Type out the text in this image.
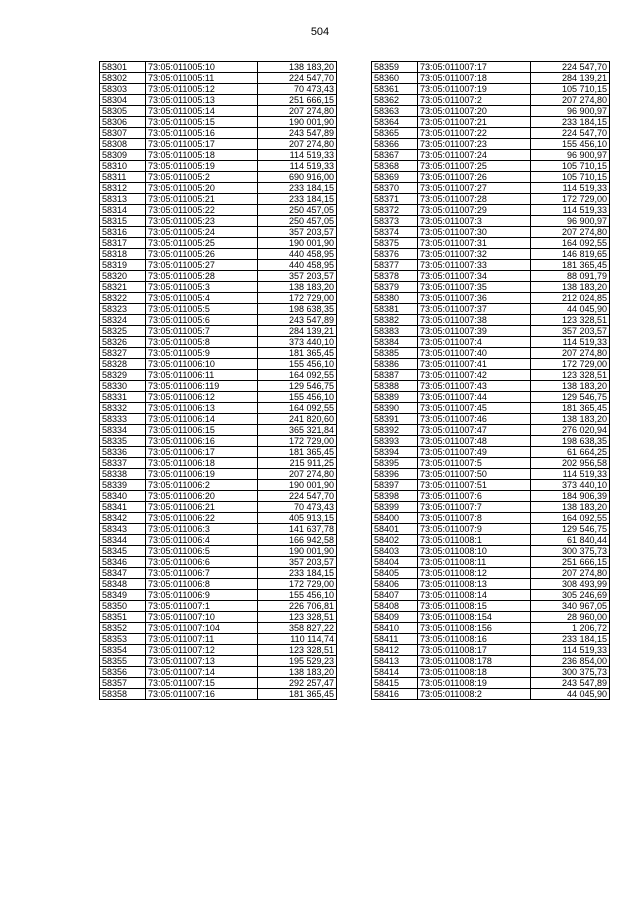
504
58301	73:05:011005:10	138 183,20
58302	73:05:011005:11	224 547,70
58303	73:05:011005:12	70 473,43
58304	73:05:011005:13	251 666,15
58305	73:05:011005:14	207 274,80
58306	73:05:011005:15	190 001,90
58307	73:05:011005:16	243 547,89
58308	73:05:011005:17	207 274,80
58309	73:05:011005:18	114 519,33
58310	73:05:011005:19	114 519,33
58311	73:05:011005:2	690 916,00
58312	73:05:011005:20	233 184,15
58313	73:05:011005:21	233 184,15
58314	73:05:011005:22	250 457,05
58315	73:05:011005:23	250 457,05
58316	73:05:011005:24	357 203,57
58317	73:05:011005:25	190 001,90
58318	73:05:011005:26	440 458,95
58319	73:05:011005:27	440 458,95
58320	73:05:011005:28	357 203,57
58321	73:05:011005:3	138 183,20
58322	73:05:011005:4	172 729,00
58323	73:05:011005:5	198 638,35
58324	73:05:011005:6	243 547,89
58325	73:05:011005:7	284 139,21
58326	73:05:011005:8	373 440,10
58327	73:05:011005:9	181 365,45
58328	73:05:011006:10	155 456,10
58329	73:05:011006:11	164 092,55
58330	73:05:011006:119	129 546,75
58331	73:05:011006:12	155 456,10
58332	73:05:011006:13	164 092,55
58333	73:05:011006:14	241 820,60
58334	73:05:011006:15	365 321,84
58335	73:05:011006:16	172 729,00
58336	73:05:011006:17	181 365,45
58337	73:05:011006:18	215 911,25
58338	73:05:011006:19	207 274,80
58339	73:05:011006:2	190 001,90
58340	73:05:011006:20	224 547,70
58341	73:05:011006:21	70 473,43
58342	73:05:011006:22	405 913,15
58343	73:05:011006:3	141 637,78
58344	73:05:011006:4	166 942,58
58345	73:05:011006:5	190 001,90
58346	73:05:011006:6	357 203,57
58347	73:05:011006:7	233 184,15
58348	73:05:011006:8	172 729,00
58349	73:05:011006:9	155 456,10
58350	73:05:011007:1	226 706,81
58351	73:05:011007:10	123 328,51
58352	73:05:011007:104	358 827,22
58353	73:05:011007:11	110 114,74
58354	73:05:011007:12	123 328,51
58355	73:05:011007:13	195 529,23
58356	73:05:011007:14	138 183,20
58357	73:05:011007:15	292 257,47
58358	73:05:011007:16	181 365,45
58359	73:05:011007:17	224 547,70
58360	73:05:011007:18	284 139,21
58361	73:05:011007:19	105 710,15
58362	73:05:011007:2	207 274,80
58363	73:05:011007:20	96 900,97
58364	73:05:011007:21	233 184,15
58365	73:05:011007:22	224 547,70
58366	73:05:011007:23	155 456,10
58367	73:05:011007:24	96 900,97
58368	73:05:011007:25	105 710,15
58369	73:05:011007:26	105 710,15
58370	73:05:011007:27	114 519,33
58371	73:05:011007:28	172 729,00
58372	73:05:011007:29	114 519,33
58373	73:05:011007:3	96 900,97
58374	73:05:011007:30	207 274,80
58375	73:05:011007:31	164 092,55
58376	73:05:011007:32	146 819,65
58377	73:05:011007:33	181 365,45
58378	73:05:011007:34	88 091,79
58379	73:05:011007:35	138 183,20
58380	73:05:011007:36	212 024,85
58381	73:05:011007:37	44 045,90
58382	73:05:011007:38	123 328,51
58383	73:05:011007:39	357 203,57
58384	73:05:011007:4	114 519,33
58385	73:05:011007:40	207 274,80
58386	73:05:011007:41	172 729,00
58387	73:05:011007:42	123 328,51
58388	73:05:011007:43	138 183,20
58389	73:05:011007:44	129 546,75
58390	73:05:011007:45	181 365,45
58391	73:05:011007:46	138 183,20
58392	73:05:011007:47	276 020,94
58393	73:05:011007:48	198 638,35
58394	73:05:011007:49	61 664,25
58395	73:05:011007:5	202 956,58
58396	73:05:011007:50	114 519,33
58397	73:05:011007:51	373 440,10
58398	73:05:011007:6	184 906,39
58399	73:05:011007:7	138 183,20
58400	73:05:011007:8	164 092,55
58401	73:05:011007:9	129 546,75
58402	73:05:011008:1	61 840,44
58403	73:05:011008:10	300 375,73
58404	73:05:011008:11	251 666,15
58405	73:05:011008:12	207 274,80
58406	73:05:011008:13	308 493,99
58407	73:05:011008:14	305 246,69
58408	73:05:011008:15	340 967,05
58409	73:05:011008:154	28 960,00
58410	73:05:011008:156	1 206,72
58411	73:05:011008:16	233 184,15
58412	73:05:011008:17	114 519,33
58413	73:05:011008:178	236 854,00
58414	73:05:011008:18	300 375,73
58415	73:05:011008:19	243 547,89
58416	73:05:011008:2	44 045,90
